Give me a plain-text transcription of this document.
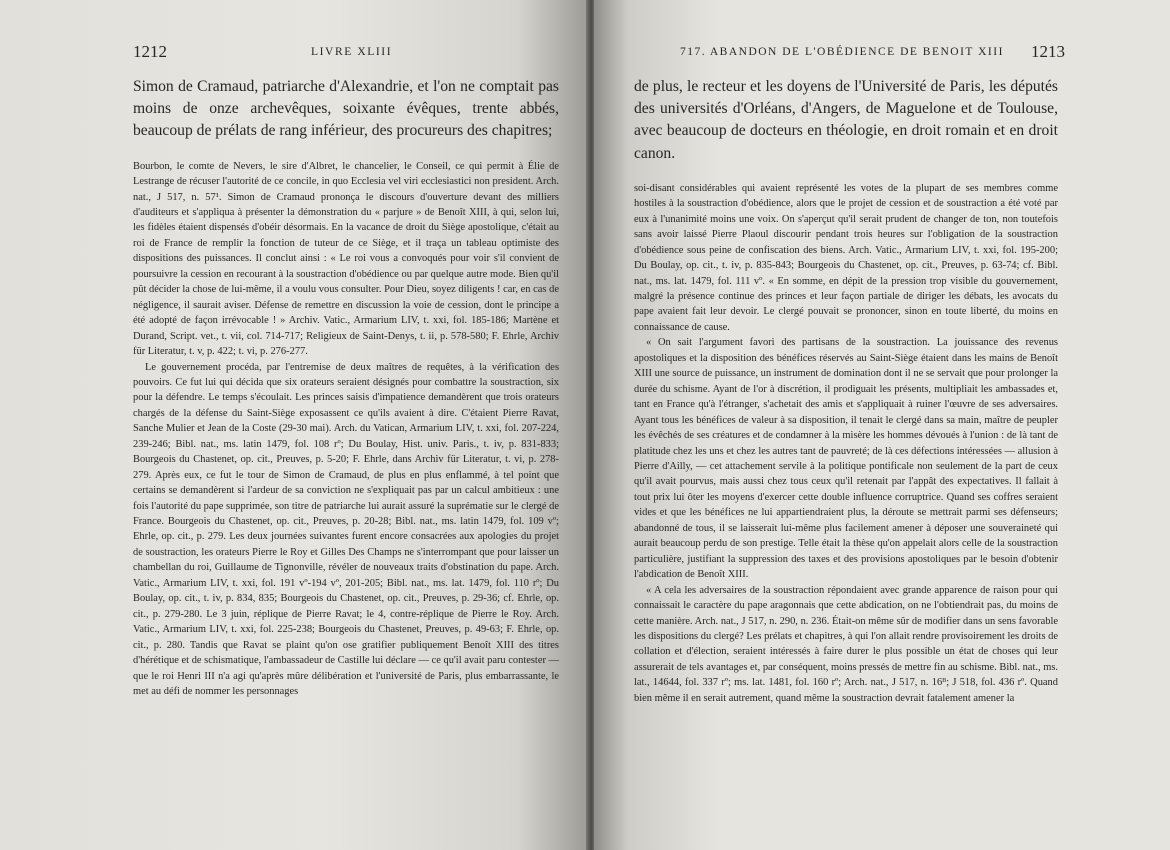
1212	LIVRE XLIII

Simon de Cramaud, patriarche d'Alexandrie, et l'on ne comptait pas moins de onze archevêques, soixante évêques, trente abbés, beaucoup de prélats de rang inférieur, des procureurs des chapitres;

Bourbon, le comte de Nevers, le sire d'Albret, le chancelier, le Conseil, ce qui permit à Élie de Lestrange de récuser l'autorité de ce concile, in quo Ecclesia vel viri ecclesiastici non president. Arch. nat., J 517, n. 57¹. Simon de Cramaud prononça le discours d'ouverture devant des milliers d'auditeurs et s'appliqua à présenter la démonstration du « parjure » de Benoît XIII, à qui, selon lui, les fidèles étaient dispensés d'obéir désormais. En la vacance de droit du Siège apostolique, c'était au roi de France de remplir la fonction de tuteur de ce Siège, et il traça un tableau optimiste des dispositions des puissances. Il conclut ainsi : « Le roi vous a convoqués pour voir s'il convient de poursuivre la cession en recourant à la soustraction d'obédience ou par quelque autre mode. Bien qu'il pût décider la chose de lui-même, il a voulu vous consulter. Pour Dieu, soyez diligents ! car, en cas de négligence, il saurait aviser. Défense de remettre en discussion la voie de cession, dont le principe a été adopté de façon irrévocable ! » Archiv. Vatic., Armarium LIV, t. xxi, fol. 185-186; Martène et Durand, Script. vet., t. vii, col. 714-717; Religieux de Saint-Denys, t. ii, p. 578-580; F. Ehrle, Archiv für Literatur, t. v, p. 422; t. vi, p. 276-277.

Le gouvernement procéda, par l'entremise de deux maîtres de requêtes, à la vérification des pouvoirs. Ce fut lui qui décida que six orateurs seraient désignés pour combattre la soustraction, six pour la défendre. Le temps s'écoulait. Les princes saisis d'impatience demandèrent que trois orateurs chargés de la défense du Saint-Siège exposassent ce qu'ils avaient à dire. C'étaient Pierre Ravat, Sanche Mulier et Jean de la Coste (29-30 mai). Arch. du Vatican, Armarium LIV, t. xxi, fol. 207-224, 239-246; Bibl. nat., ms. latin 1479, fol. 108 rº; Du Boulay, Hist. univ. Paris., t. iv, p. 831-833; Bourgeois du Chastenet, op. cit., Preuves, p. 5-20; F. Ehrle, dans Archiv für Literatur, t. vi, p. 278-279. Après eux, ce fut le tour de Simon de Cramaud, de plus en plus enflammé, à tel point que certains se demandèrent si l'ardeur de sa conviction ne s'expliquait pas par un calcul ambitieux : une fois l'autorité du pape supprimée, son titre de patriarche lui aurait assuré la suprématie sur le clergé de France. Bourgeois du Chastenet, op. cit., Preuves, p. 20-28; Bibl. nat., ms. latin 1479, fol. 109 vº; Ehrle, op. cit., p. 279. Les deux journées suivantes furent encore consacrées aux apologies du projet de soustraction, les orateurs Pierre le Roy et Gilles Des Champs ne s'interrompant que pour laisser un chambellan du roi, Guillaume de Tignonville, révéler de nouveaux traits d'obstination du pape. Arch. Vatic., Armarium LIV, t. xxi, fol. 191 vº-194 vº, 201-205; Bibl. nat., ms. lat. 1479, fol. 110 rº; Du Boulay, op. cit., t. iv, p. 834, 835; Bourgeois du Chastenet, op. cit., Preuves, p. 29-36; cf. Ehrle, op. cit., p. 279-280. Le 3 juin, réplique de Pierre Ravat; le 4, contre-réplique de Pierre le Roy. Arch. Vatic., Armarium LIV, t. xxi, fol. 225-238; Bourgeois du Chastenet, Preuves, p. 49-63; F. Ehrle, op. cit., p. 280. Tandis que Ravat se plaint qu'on ose gratifier publiquement Benoît XIII des titres d'hérétique et de schismatique, l'ambassadeur de Castille lui déclare — ce qu'il avait paru contester — que le roi Henri III n'a agi qu'après mûre délibération et l'université de Paris, plus embarrassante, le met au défi de nommer les personnages

717. ABANDON DE L'OBÉDIENCE DE BENOIT XIII 1213

de plus, le recteur et les doyens de l'Université de Paris, les députés des universités d'Orléans, d'Angers, de Maguelone et de Toulouse, avec beaucoup de docteurs en théologie, en droit romain et en droit canon.

soi-disant considérables qui avaient représenté les votes de la plupart de ses membres comme hostiles à la soustraction d'obédience, alors que le projet de cession et de soustraction a été voté par eux à l'unanimité moins une voix. On s'aperçut qu'il serait prudent de changer de ton, non toutefois sans avoir laissé Pierre Plaoul discourir pendant trois heures sur l'obligation de la soustraction d'obédience sous peine de confiscation des biens. Arch. Vatic., Armarium LIV, t. xxi, fol. 195-200; Du Boulay, op. cit., t. iv, p. 835-843; Bourgeois du Chastenet, op. cit., Preuves, p. 63-74; cf. Bibl. nat., ms. lat. 1479, fol. 111 vº. « En somme, en dépit de la pression trop visible du gouvernement, malgré la présence continue des princes et leur façon partiale de diriger les débats, les avocats du pape avaient fait leur devoir. Le clergé pouvait se prononcer, sinon en toute liberté, du moins en connaissance de cause.

« On sait l'argument favori des partisans de la soustraction. La jouissance des revenus apostoliques et la disposition des bénéfices réservés au Saint-Siège étaient dans les mains de Benoît XIII une source de puissance, un instrument de domination dont il ne se servait que pour prolonger la durée du schisme. Ayant de l'or à discrétion, il prodiguait les présents, multipliait les ambassades et, tant en France qu'à l'étranger, s'achetait des amis et s'appliquait à ruiner l'œuvre de ses adversaires. Ayant tous les bénéfices de valeur à sa disposition, il tenait le clergé dans sa main, maître de peupler les évêchés de ses créatures et de condamner à la misère les hommes dévoués à l'union : de là tant de platitude chez les uns et chez les autres tant de pauvreté; de là ces défections intéressées — allusion à Pierre d'Ailly, — cet attachement servile à la politique pontificale non seulement de la part de ceux qu'il avait pourvus, mais aussi chez tous ceux qu'il retenait par l'appât des expectatives. Il fallait à tout prix lui ôter les moyens d'exercer cette double influence corruptrice. Quand ses coffres seraient vides et que les bénéfices ne lui appartiendraient plus, la déroute se mettrait parmi ses défenseurs; abandonné de tous, il se laisserait lui-même plus facilement amener à déposer une souveraineté qui aurait beaucoup perdu de son prestige. Telle était la thèse qu'on appelait alors celle de la soustraction particulière, justifiant la suppression des taxes et des provisions apostoliques par le besoin d'obtenir l'abdication de Benoît XIII.

« A cela les adversaires de la soustraction répondaient avec grande apparence de raison pour qui connaissait le caractère du pape aragonnais que cette abdication, on ne l'obtiendrait pas, du moins de cette manière. Arch. nat., J 517, n. 290, n. 236. Était-on même sûr de modifier dans un sens favorable les dispositions du clergé? Les prélats et chapitres, à qui l'on allait rendre provisoirement les droits de collation et d'élection, seraient intéressés à faire durer le plus possible un état de choses qui leur assurerait de tels avantages et, par conséquent, moins pressés de mettre fin au schisme. Bibl. nat., ms. lat., 14644, fol. 337 rº; ms. lat. 1481, fol. 160 rº; Arch. nat., J 517, n. 16ᴮ; J 518, fol. 436 rº. Quand bien même il en serait autrement, quand même la soustraction devrait fatalement amener la
